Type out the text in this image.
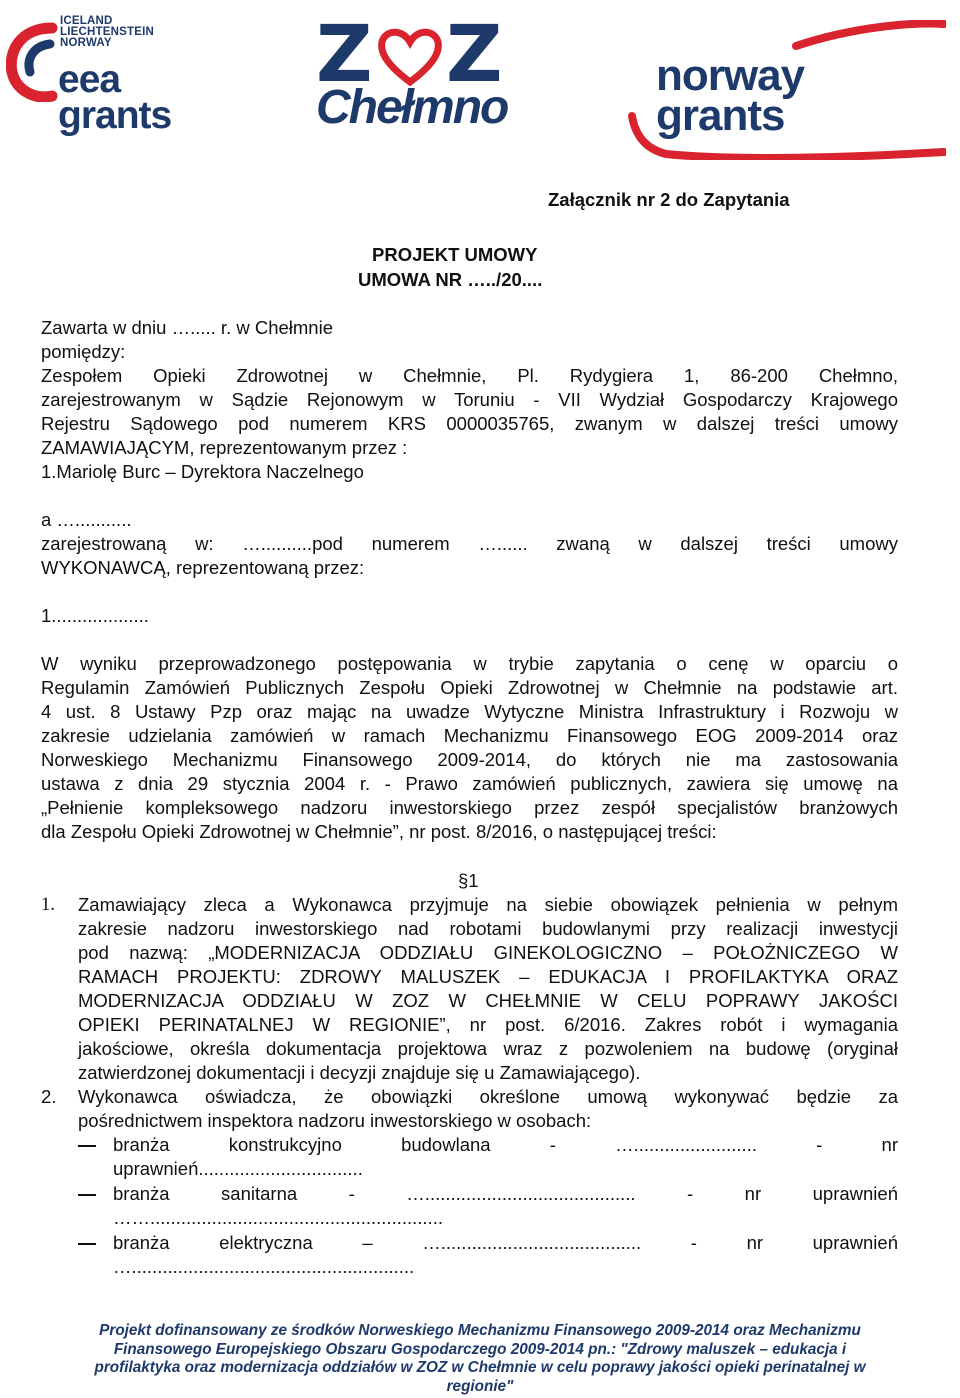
ICELAND
LIECHTENSTEIN
NORWAY
eea
grants
Z Z
Chełmno
norway
grants
Załącznik nr 2 do Zapytania
PROJEKT UMOWY
UMOWA NR …../20....
Zawarta w dniu …..... r. w Chełmnie
pomiędzy:
Zespołem Opieki Zdrowotnej w Chełmnie, Pl. Rydygiera 1, 86-200 Chełmno,
zarejestrowanym w Sądzie Rejonowym w Toruniu - VII Wydział Gospodarczy Krajowego
Rejestru Sądowego pod numerem KRS 0000035765, zwanym w dalszej treści umowy
ZAMAWIAJĄCYM, reprezentowanym przez :
1.Mariolę Burc – Dyrektora Naczelnego
a …...........
zarejestrowaną w: …..........pod numerem …...... zwaną w dalszej treści umowy
WYKONAWCĄ, reprezentowaną przez:
1...................
W wyniku przeprowadzonego postępowania w trybie zapytania o cenę w oparciu o
Regulamin Zamówień Publicznych Zespołu Opieki Zdrowotnej w Chełmnie na podstawie art.
4 ust. 8 Ustawy Pzp oraz mając na uwadze Wytyczne Ministra Infrastruktury i Rozwoju w
zakresie udzielania zamówień w ramach Mechanizmu Finansowego EOG 2009-2014 oraz
Norweskiego Mechanizmu Finansowego 2009-2014, do których nie ma zastosowania
ustawa z dnia 29 stycznia 2004 r. - Prawo zamówień publicznych, zawiera się umowę na
„Pełnienie kompleksowego nadzoru inwestorskiego przez zespół specjalistów branżowych
dla Zespołu Opieki Zdrowotnej w Chełmnie”, nr post. 8/2016, o następującej treści:
§1
1. Zamawiający zleca a Wykonawca przyjmuje na siebie obowiązek pełnienia w pełnym
zakresie nadzoru inwestorskiego nad robotami budowlanymi przy realizacji inwestycji
pod nazwą: „MODERNIZACJA ODDZIAŁU GINEKOLOGICZNO – POŁOŻNICZEGO W
RAMACH PROJEKTU: ZDROWY MALUSZEK – EDUKACJA I PROFILAKTYKA ORAZ
MODERNIZACJA ODDZIAŁU W ZOZ W CHEŁMNIE W CELU POPRAWY JAKOŚCI
OPIEKI PERINATALNEJ W REGIONIE”, nr post. 6/2016. Zakres robót i wymagania
jakościowe, określa dokumentacja projektowa wraz z pozwoleniem na budowę (oryginał
zatwierdzonej dokumentacji i decyzji znajduje się u Zamawiającego).
2. Wykonawca oświadcza, że obowiązki określone umową wykonywać będzie za
pośrednictwem inspektora nadzoru inwestorskiego w osobach:
branża konstrukcyjno budowlana - …........................ - nr
uprawnień................................
branża sanitarna - …......................................... - nr uprawnień
…….........................................................
branża elektryczna – …....................................... - nr uprawnień
….......................................................
Projekt dofinansowany ze środków Norweskiego Mechanizmu Finansowego 2009-2014 oraz Mechanizmu
Finansowego Europejskiego Obszaru Gospodarczego 2009-2014 pn.: "Zdrowy maluszek – edukacja i
profilaktyka oraz modernizacja oddziałów w ZOZ w Chełmnie w celu poprawy jakości opieki perinatalnej w
regionie"
